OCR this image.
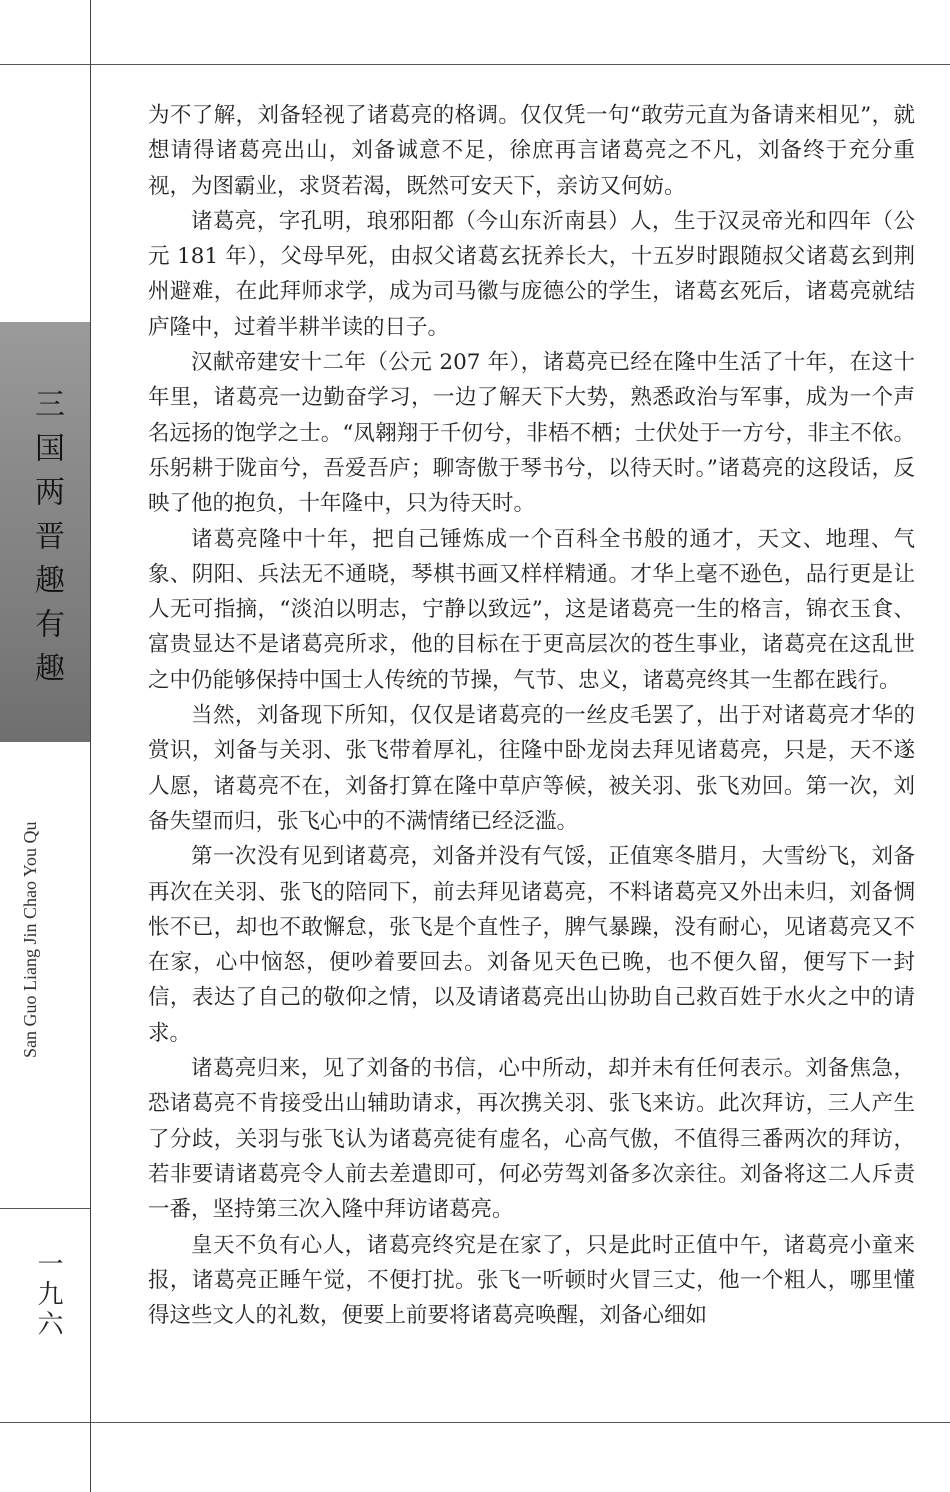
三国两晋趣有趣
San Guo Liang Jin Chao You Qu
一九六

为不了解，刘备轻视了诸葛亮的格调。仅仅凭一句“敢劳元直为备请来相见”，就想请得诸葛亮出山，刘备诚意不足，徐庶再言诸葛亮之不凡，刘备终于充分重视，为图霸业，求贤若渴，既然可安天下，亲访又何妨。

诸葛亮，字孔明，琅邪阳都（今山东沂南县）人，生于汉灵帝光和四年（公元 181 年），父母早死，由叔父诸葛玄抚养长大，十五岁时跟随叔父诸葛玄到荆州避难，在此拜师求学，成为司马徽与庞德公的学生，诸葛玄死后，诸葛亮就结庐隆中，过着半耕半读的日子。

汉献帝建安十二年（公元 207 年），诸葛亮已经在隆中生活了十年，在这十年里，诸葛亮一边勤奋学习，一边了解天下大势，熟悉政治与军事，成为一个声名远扬的饱学之士。“凤翱翔于千仞兮，非梧不栖；士伏处于一方兮，非主不依。乐躬耕于陇亩兮，吾爱吾庐；聊寄傲于琴书兮，以待天时。”诸葛亮的这段话，反映了他的抱负，十年隆中，只为待天时。

诸葛亮隆中十年，把自己锤炼成一个百科全书般的通才，天文、地理、气象、阴阳、兵法无不通晓，琴棋书画又样样精通。才华上毫不逊色，品行更是让人无可指摘，“淡泊以明志，宁静以致远”，这是诸葛亮一生的格言，锦衣玉食、富贵显达不是诸葛亮所求，他的目标在于更高层次的苍生事业，诸葛亮在这乱世之中仍能够保持中国士人传统的节操，气节、忠义，诸葛亮终其一生都在践行。

当然，刘备现下所知，仅仅是诸葛亮的一丝皮毛罢了，出于对诸葛亮才华的赏识，刘备与关羽、张飞带着厚礼，往隆中卧龙岗去拜见诸葛亮，只是，天不遂人愿，诸葛亮不在，刘备打算在隆中草庐等候，被关羽、张飞劝回。第一次，刘备失望而归，张飞心中的不满情绪已经泛滥。

第一次没有见到诸葛亮，刘备并没有气馁，正值寒冬腊月，大雪纷飞，刘备再次在关羽、张飞的陪同下，前去拜见诸葛亮，不料诸葛亮又外出未归，刘备惆怅不已，却也不敢懈怠，张飞是个直性子，脾气暴躁，没有耐心，见诸葛亮又不在家，心中恼怒，便吵着要回去。刘备见天色已晚，也不便久留，便写下一封信，表达了自己的敬仰之情，以及请诸葛亮出山协助自己救百姓于水火之中的请求。

诸葛亮归来，见了刘备的书信，心中所动，却并未有任何表示。刘备焦急，恐诸葛亮不肯接受出山辅助请求，再次携关羽、张飞来访。此次拜访，三人产生了分歧，关羽与张飞认为诸葛亮徒有虚名，心高气傲，不值得三番两次的拜访，若非要请诸葛亮令人前去差遣即可，何必劳驾刘备多次亲往。刘备将这二人斥责一番，坚持第三次入隆中拜访诸葛亮。

皇天不负有心人，诸葛亮终究是在家了，只是此时正值中午，诸葛亮小童来报，诸葛亮正睡午觉，不便打扰。张飞一听顿时火冒三丈，他一个粗人，哪里懂得这些文人的礼数，便要上前要将诸葛亮唤醒，刘备心细如
